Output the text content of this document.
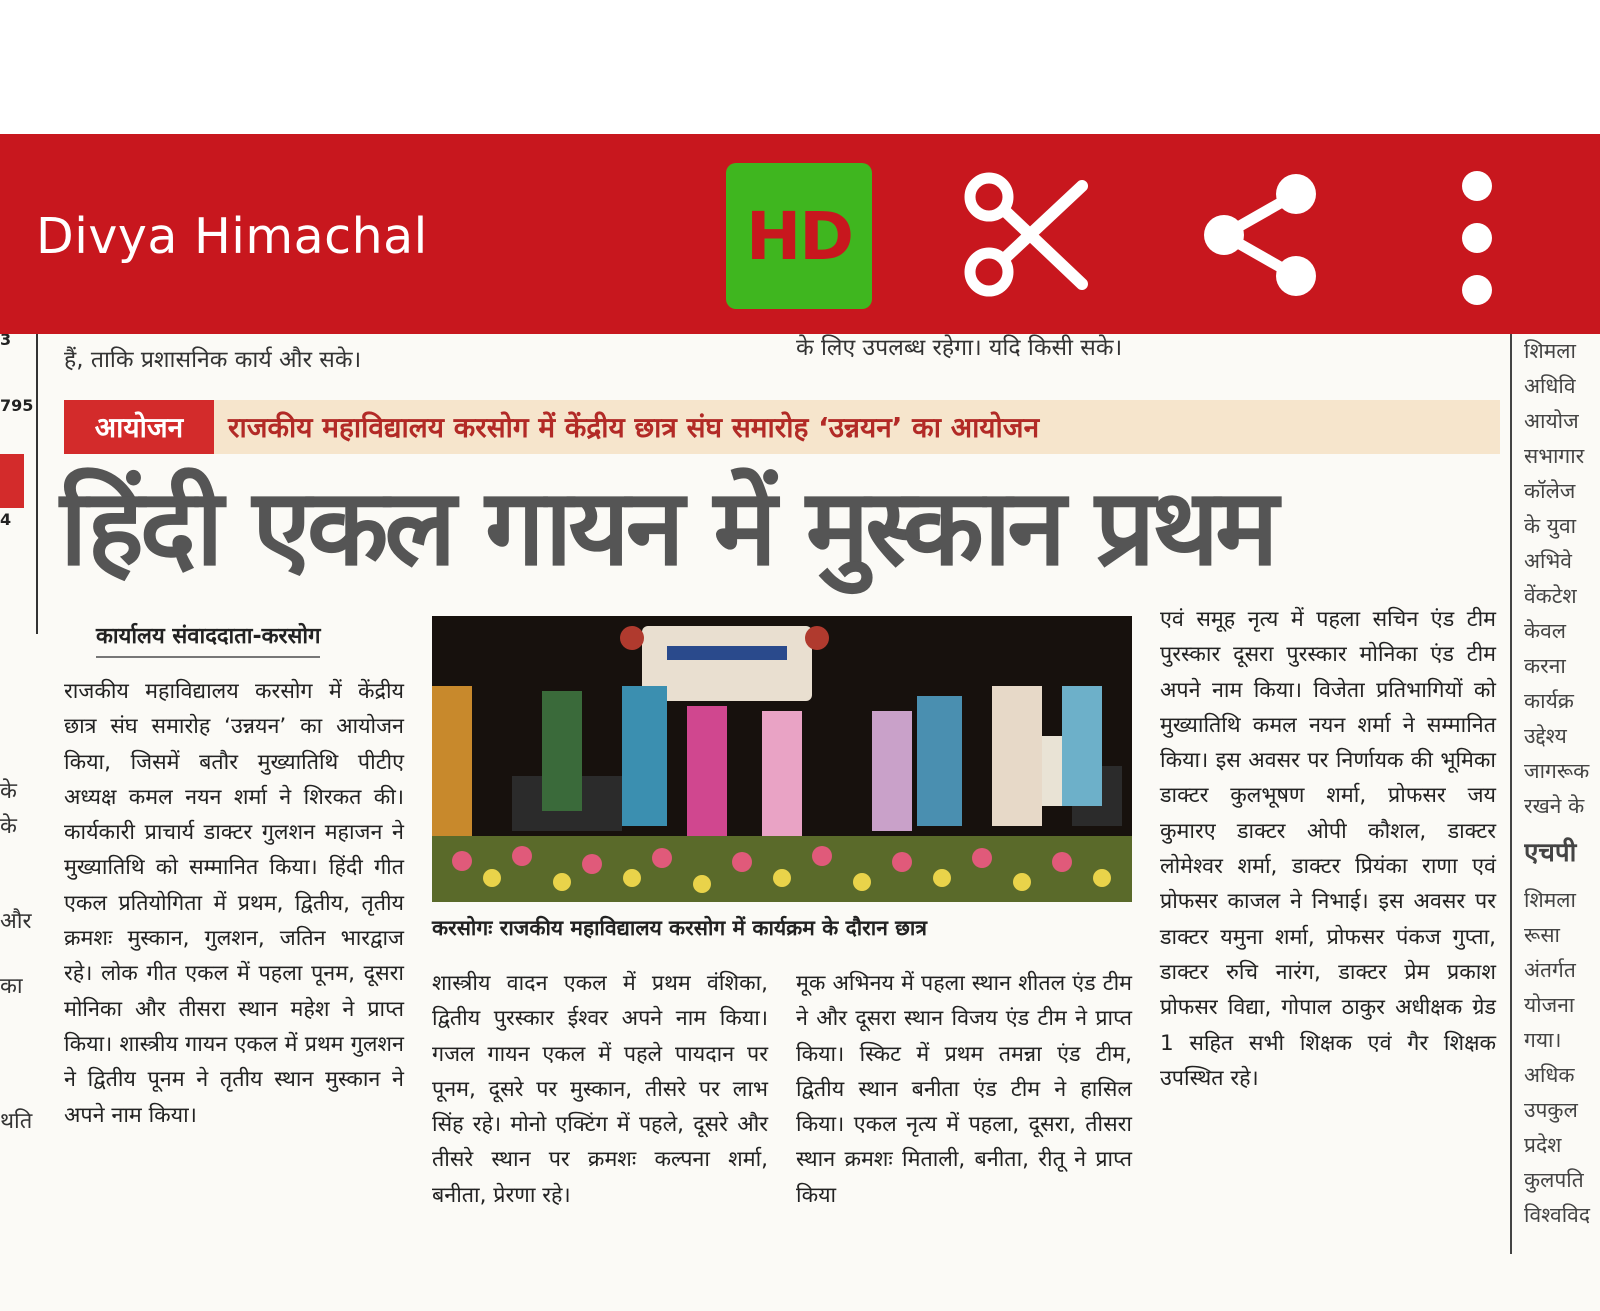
Divya Himachal	HD
हैं, ताकि प्रशासनिक कार्य और सके।	के लिए उपलब्ध रहेगा। यदि किसी सके।
3
795
4
के
के
और
का
थति
आयोजन	राजकीय महाविद्यालय करसोग में केंद्रीय छात्र संघ समारोह ‘उन्नयन’ का आयोजन
हिंदी एकल गायन में मुस्कान प्रथम
कार्यालय संवाददाता-करसोग
राजकीय महाविद्यालय करसोग में केंद्रीय छात्र संघ समारोह ‘उन्नयन’ का आयोजन किया, जिसमें बतौर मुख्यातिथि पीटीए अध्यक्ष कमल नयन शर्मा ने शिरकत की। कार्यकारी प्राचार्य डाक्टर गुलशन महाजन ने मुख्यातिथि को सम्मानित किया। हिंदी गीत एकल प्रतियोगिता में प्रथम, द्वितीय, तृतीय क्रमशः मुस्कान, गुलशन, जतिन भारद्वाज रहे। लोक गीत एकल में पहला पूनम, दूसरा मोनिका और तीसरा स्थान महेश ने प्राप्त किया। शास्त्रीय गायन एकल में प्रथम गुलशन ने द्वितीय पूनम ने तृतीय स्थान मुस्कान ने अपने नाम किया।
करसोगः राजकीय महाविद्यालय करसोग में कार्यक्रम के दौरान छात्र
शास्त्रीय वादन एकल में प्रथम वंशिका, द्वितीय पुरस्कार ईश्वर अपने नाम किया। गजल गायन एकल में पहले पायदान पर पूनम, दूसरे पर मुस्कान, तीसरे पर लाभ सिंह रहे। मोनो एक्टिंग में पहले, दूसरे और तीसरे स्थान पर क्रमशः कल्पना शर्मा, बनीता, प्रेरणा रहे।
मूक अभिनय में पहला स्थान शीतल एंड टीम ने और दूसरा स्थान विजय एंड टीम ने प्राप्त किया। स्किट में प्रथम तमन्ना एंड टीम, द्वितीय स्थान बनीता एंड टीम ने हासिल किया। एकल नृत्य में पहला, दूसरा, तीसरा स्थान क्रमशः मिताली, बनीता, रीतू ने प्राप्त किया
एवं समूह नृत्य में पहला सचिन एंड टीम पुरस्कार दूसरा पुरस्कार मोनिका एंड टीम अपने नाम किया। विजेता प्रतिभागियों को मुख्यातिथि कमल नयन शर्मा ने सम्मानित किया। इस अवसर पर निर्णायक की भूमिका डाक्टर कुलभूषण शर्मा, प्रोफसर जय कुमारए डाक्टर ओपी कौशल, डाक्टर लोमेश्वर शर्मा, डाक्टर प्रियंका राणा एवं प्रोफसर काजल ने निभाई। इस अवसर पर डाक्टर यमुना शर्मा, प्रोफसर पंकज गुप्ता, डाक्टर रुचि नारंग, डाक्टर प्रेम प्रकाश प्रोफसर विद्या, गोपाल ठाकुर अधीक्षक ग्रेड 1 सहित सभी शिक्षक एवं गैर शिक्षक उपस्थित रहे।
शिमला
अधिवि
आयोज
सभागार
कॉलेज
के युवा
अभिवे
वेंकटेश
केवल
करना
कार्यक्र
उद्देश्य
जागरूक
रखने के
एचपी
शिमला
रूसा
अंतर्गत
योजना
गया।
अधिक
उपकुल
प्रदेश
कुलपति
विश्वविद
